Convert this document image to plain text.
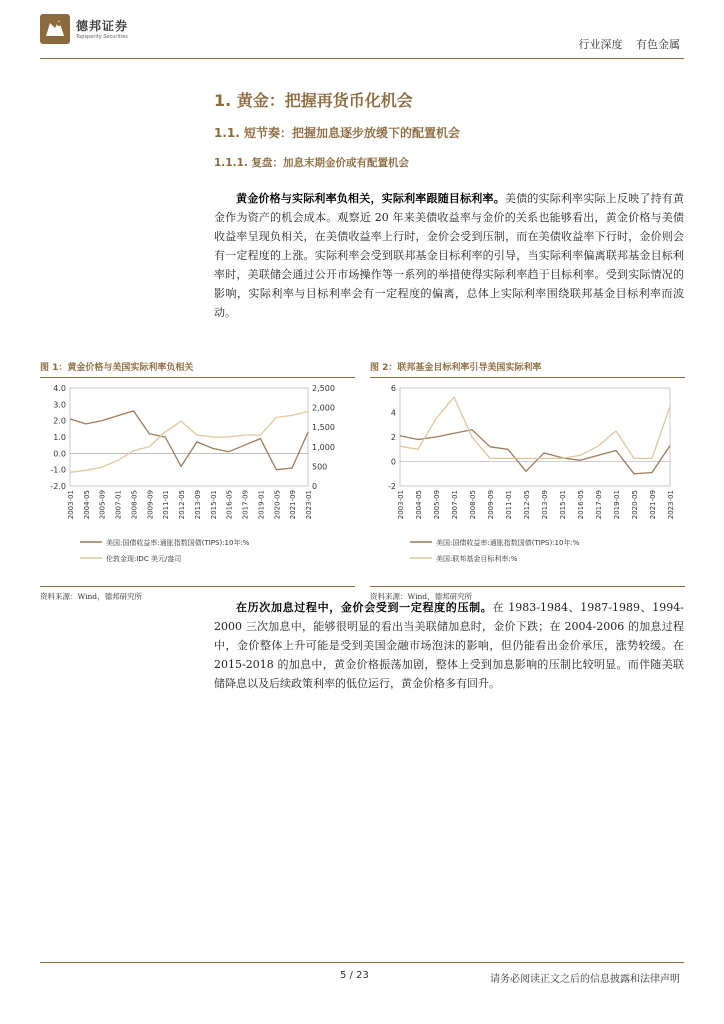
德邦证券
Topsperity Securities
行业深度 有色金属
1. 黄金：把握再货币化机会
1.1. 短节奏：把握加息逐步放缓下的配置机会
1.1.1. 复盘：加息末期金价或有配置机会

黄金价格与实际利率负相关，实际利率跟随目标利率。美债的实际利率实际上反映了持有黄金作为资产的机会成本。观察近 20 年来美债收益率与金价的关系也能够看出，黄金价格与美债收益率呈现负相关，在美债收益率上行时，金价会受到压制，而在美债收益率下行时，金价则会有一定程度的上涨。实际利率会受到联邦基金目标利率的引导，当实际利率偏离联邦基金目标利率时，美联储会通过公开市场操作等一系列的举措使得实际利率趋于目标利率。受到实际情况的影响，实际利率与目标利率会有一定程度的偏离，总体上实际利率围绕联邦基金目标利率而波动。

图 1：黄金价格与美国实际利率负相关
4.0
3.0
2.0
1.0
0.0
-1.0
-2.0
2,500
2,000
1,500
1,000
500
0
2003-01 2004-05 2005-09 2007-01 2008-05 2009-09 2011-01 2012-05 2013-09 2015-01 2016-05 2017-09 2019-01 2020-05 2021-09 2023-01
美国:国债收益率:通胀指数国债(TIPS):10年:%
伦敦金现:IDC 美元/盎司
资料来源：Wind，德邦研究所
图 2：联邦基金目标利率引导美国实际利率
6
4
2
0
-2
2003-01 2004-05 2005-09 2007-01 2008-05 2009-09 2011-01 2012-05 2013-09 2015-01 2016-05 2017-09 2019-01 2020-05 2021-09 2023-01
美国:国债收益率:通胀指数国债(TIPS):10年:%
美国:联邦基金目标利率:%
资料来源：Wind，德邦研究所

在历次加息过程中，金价会受到一定程度的压制。在 1983-1984、1987-1989、1994-2000 三次加息中，能够很明显的看出当美联储加息时，金价下跌；在 2004-2006 的加息过程中，金价整体上升可能是受到美国金融市场泡沫的影响，但仍能看出金价承压，涨势较缓。在 2015-2018 的加息中，黄金价格振荡加剧，整体上受到加息影响的压制比较明显。而伴随美联储降息以及后续政策利率的低位运行，黄金价格多有回升。

5 / 23	请务必阅读正文之后的信息披露和法律声明
